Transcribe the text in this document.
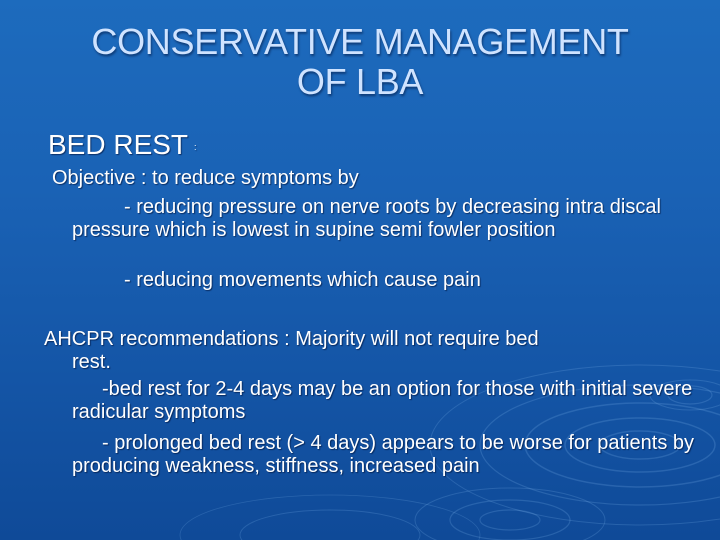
CONSERVATIVE MANAGEMENT
OF LBA

BED REST :

Objective : to reduce symptoms by

- reducing pressure on nerve roots by decreasing intra discal pressure which is lowest in supine semi fowler position

- reducing movements which cause pain

AHCPR recommendations : Majority will not require bed
rest.

-bed rest for 2-4 days may be an option for those with initial severe radicular symptoms

- prolonged bed rest (> 4 days) appears to be worse for patients by producing weakness, stiffness, increased pain
